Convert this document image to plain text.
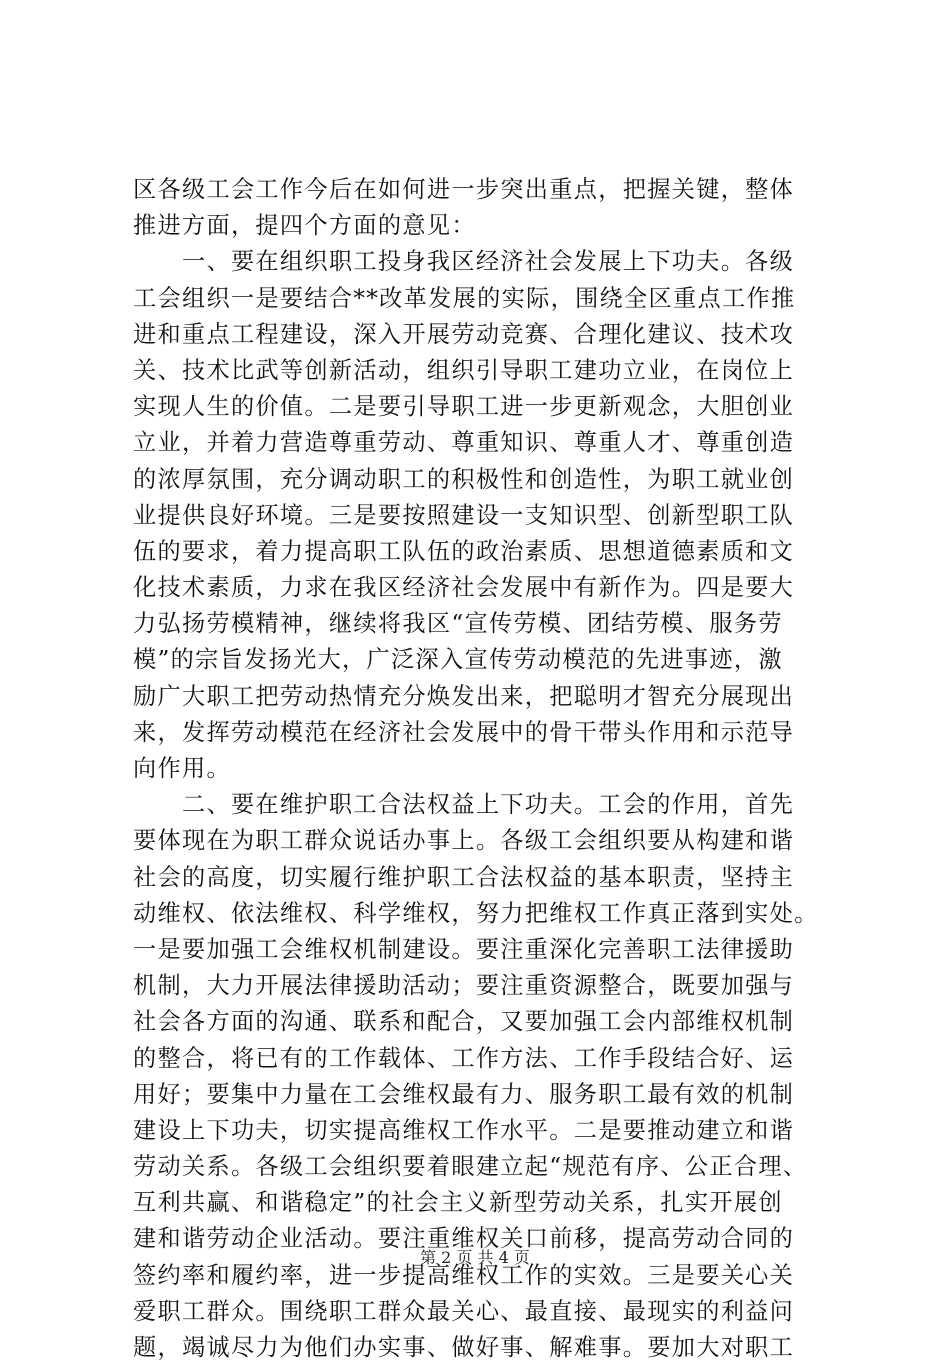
区各级工会工作今后在如何进一步突出重点，把握关键，整体
推进方面，提四个方面的意见：
　　一、要在组织职工投身我区经济社会发展上下功夫。各级
工会组织一是要结合**改革发展的实际，围绕全区重点工作推
进和重点工程建设，深入开展劳动竞赛、合理化建议、技术攻
关、技术比武等创新活动，组织引导职工建功立业，在岗位上
实现人生的价值。二是要引导职工进一步更新观念，大胆创业
立业，并着力营造尊重劳动、尊重知识、尊重人才、尊重创造
的浓厚氛围，充分调动职工的积极性和创造性，为职工就业创
业提供良好环境。三是要按照建设一支知识型、创新型职工队
伍的要求，着力提高职工队伍的政治素质、思想道德素质和文
化技术素质，力求在我区经济社会发展中有新作为。四是要大
力弘扬劳模精神，继续将我区“宣传劳模、团结劳模、服务劳
模”的宗旨发扬光大，广泛深入宣传劳动模范的先进事迹，激
励广大职工把劳动热情充分焕发出来，把聪明才智充分展现出
来，发挥劳动模范在经济社会发展中的骨干带头作用和示范导
向作用。
　　二、要在维护职工合法权益上下功夫。工会的作用，首先
要体现在为职工群众说话办事上。各级工会组织要从构建和谐
社会的高度，切实履行维护职工合法权益的基本职责，坚持主
动维权、依法维权、科学维权，努力把维权工作真正落到实处。
一是要加强工会维权机制建设。要注重深化完善职工法律援助
机制，大力开展法律援助活动；要注重资源整合，既要加强与
社会各方面的沟通、联系和配合，又要加强工会内部维权机制
的整合，将已有的工作载体、工作方法、工作手段结合好、运
用好；要集中力量在工会维权最有力、服务职工最有效的机制
建设上下功夫，切实提高维权工作水平。二是要推动建立和谐
劳动关系。各级工会组织要着眼建立起“规范有序、公正合理、
互利共赢、和谐稳定”的社会主义新型劳动关系，扎实开展创
建和谐劳动企业活动。要注重维权关口前移，提高劳动合同的
签约率和履约率，进一步提高维权工作的实效。三是要关心关
爱职工群众。围绕职工群众最关心、最直接、最现实的利益问
题，竭诚尽力为他们办实事、做好事、解难事。要加大对职工
第 2 页 共 4 页
